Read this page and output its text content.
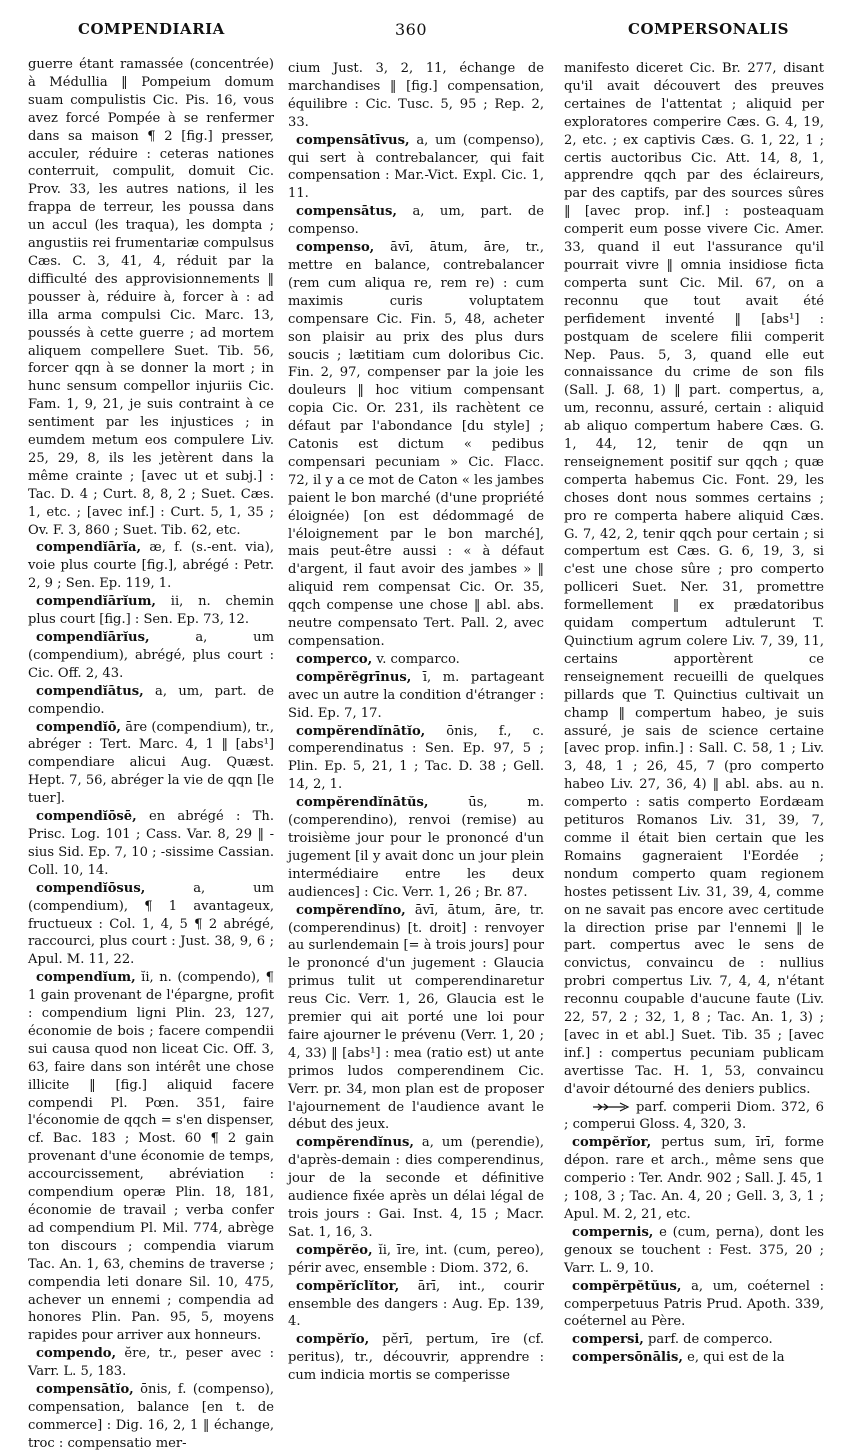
COMPENDIARIA	360	COMPERSONALIS

guerre étant ramassée (concentrée) à Médullia ‖ Pompeium domum suam compulistis Cic. Pis. 16, vous avez forcé Pompée à se renfermer dans sa maison ¶ 2 [fig.] presser, acculer, réduire : ceteras nationes conterruit, compulit, domuit Cic. Prov. 33, les autres nations, il les frappa de terreur, les poussa dans un accul (les traqua), les dompta ; angustiis rei frumentariæ compulsus Cæs. C. 3, 41, 4, réduit par la difficulté des approvisionnements ‖ pousser à, réduire à, forcer à : ad illa arma compulsi Cic. Marc. 13, poussés à cette guerre ; ad mortem aliquem compellere Suet. Tib. 56, forcer qqn à se donner la mort ; in hunc sensum compellor injuriis Cic. Fam. 1, 9, 21, je suis contraint à ce sentiment par les injustices ; in eumdem metum eos compulere Liv. 25, 29, 8, ils les jetèrent dans la même crainte ; [avec ut et subj.] : Tac. D. 4 ; Curt. 8, 8, 2 ; Suet. Cæs. 1, etc. ; [avec inf.] : Curt. 5, 1, 35 ; Ov. F. 3, 860 ; Suet. Tib. 62, etc.

compendĭārĭa, æ, f. (s.-ent. via), voie plus courte [fig.], abrégé : Petr. 2, 9 ; Sen. Ep. 119, 1.

compendĭārĭum, ii, n. chemin plus court [fig.] : Sen. Ep. 73, 12.

compendĭārĭus, a, um (compendium), abrégé, plus court : Cic. Off. 2, 43.

compendĭātus, a, um, part. de compendio.

compendĭō, āre (compendium), tr., abréger : Tert. Marc. 4, 1 ‖ [abs¹] compendiare alicui Aug. Quæst. Hept. 7, 56, abréger la vie de qqn [le tuer].

compendĭōsē, en abrégé : Th. Prisc. Log. 101 ; Cass. Var. 8, 29 ‖ -sius Sid. Ep. 7, 10 ; -sissime Cassian. Coll. 10, 14.

compendĭōsus, a, um (compendium), ¶ 1 avantageux, fructueux : Col. 1, 4, 5 ¶ 2 abrégé, raccourci, plus court : Just. 38, 9, 6 ; Apul. M. 11, 22.

compendĭum, ĭi, n. (compendo), ¶ 1 gain provenant de l'épargne, profit : compendium ligni Plin. 23, 127, économie de bois ; facere compendii sui causa quod non liceat Cic. Off. 3, 63, faire dans son intérêt une chose illicite ‖ [fig.] aliquid facere compendi Pl. Pœn. 351, faire l'économie de qqch = s'en dispenser, cf. Bac. 183 ; Most. 60 ¶ 2 gain provenant d'une économie de temps, accourcissement, abréviation : compendium operæ Plin. 18, 181, économie de travail ; verba confer ad compendium Pl. Mil. 774, abrège ton discours ; compendia viarum Tac. An. 1, 63, chemins de traverse ; compendia leti donare Sil. 10, 475, achever un ennemi ; compendia ad honores Plin. Pan. 95, 5, moyens rapides pour arriver aux honneurs.

compendo, ĕre, tr., peser avec : Varr. L. 5, 183.

compensātĭo, ōnis, f. (compenso), compensation, balance [en t. de commerce] : Dig. 16, 2, 1 ‖ échange, troc : compensatio mer-

cium Just. 3, 2, 11, échange de marchandises ‖ [fig.] compensation, équilibre : Cic. Tusc. 5, 95 ; Rep. 2, 33.

compensātīvus, a, um (compenso), qui sert à contrebalancer, qui fait compensation : Mar.-Vict. Expl. Cic. 1, 11.

compensātus, a, um, part. de compenso.

compenso, āvī, ātum, āre, tr., mettre en balance, contrebalancer (rem cum aliqua re, rem re) : cum maximis curis voluptatem compensare Cic. Fin. 5, 48, acheter son plaisir au prix des plus durs soucis ; lætitiam cum doloribus Cic. Fin. 2, 97, compenser par la joie les douleurs ‖ hoc vitium compensant copia Cic. Or. 231, ils rachètent ce défaut par l'abondance [du style] ; Catonis est dictum « pedibus compensari pecuniam » Cic. Flacc. 72, il y a ce mot de Caton « les jambes paient le bon marché (d'une propriété éloignée) [on est dédommagé de l'éloignement par le bon marché], mais peut-être aussi : « à défaut d'argent, il faut avoir des jambes » ‖ aliquid rem compensat Cic. Or. 35, qqch compense une chose ‖ abl. abs. neutre compensato Tert. Pall. 2, avec compensation.

comperco, v. comparco.

compĕrĕgrīnus, ī, m. partageant avec un autre la condition d'étranger : Sid. Ep. 7, 17.

compĕrendĭnātĭo, ōnis, f., c. comperendinatus : Sen. Ep. 97, 5 ; Plin. Ep. 5, 21, 1 ; Tac. D. 38 ; Gell. 14, 2, 1.

compĕrendĭnātŭs, ūs, m. (comperendino), renvoi (remise) au troisième jour pour le prononcé d'un jugement [il y avait donc un jour plein intermédiaire entre les deux audiences] : Cic. Verr. 1, 26 ; Br. 87.

compĕrendĭno, āvī, ātum, āre, tr. (comperendinus) [t. droit] : renvoyer au surlendemain [= à trois jours] pour le prononcé d'un jugement : Glaucia primus tulit ut comperendinaretur reus Cic. Verr. 1, 26, Glaucia est le premier qui ait porté une loi pour faire ajourner le prévenu (Verr. 1, 20 ; 4, 33) ‖ [abs¹] : mea (ratio est) ut ante primos ludos comperendinem Cic. Verr. pr. 34, mon plan est de proposer l'ajournement de l'audience avant le début des jeux.

compĕrendĭnus, a, um (perendie), d'après-demain : dies comperendinus, jour de la seconde et définitive audience fixée après un délai légal de trois jours : Gai. Inst. 4, 15 ; Macr. Sat. 1, 16, 3.

compĕrĕo, ĭi, īre, int. (cum, pereo), périr avec, ensemble : Diom. 372, 6.

compĕrĭclĭtor, ārī, int., courir ensemble des dangers : Aug. Ep. 139, 4.

compĕrĭo, pĕrī, pertum, īre (cf. peritus), tr., découvrir, apprendre : cum indicia mortis se comperisse

manifesto diceret Cic. Br. 277, disant qu'il avait découvert des preuves certaines de l'attentat ; aliquid per exploratores comperire Cæs. G. 4, 19, 2, etc. ; ex captivis Cæs. G. 1, 22, 1 ; certis auctoribus Cic. Att. 14, 8, 1, apprendre qqch par des éclaireurs, par des captifs, par des sources sûres ‖ [avec prop. inf.] : posteaquam comperit eum posse vivere Cic. Amer. 33, quand il eut l'assurance qu'il pourrait vivre ‖ omnia insidiose ficta comperta sunt Cic. Mil. 67, on a reconnu que tout avait été perfidement inventé ‖ [abs¹] : postquam de scelere filii comperit Nep. Paus. 5, 3, quand elle eut connaissance du crime de son fils (Sall. J. 68, 1) ‖ part. compertus, a, um, reconnu, assuré, certain : aliquid ab aliquo compertum habere Cæs. G. 1, 44, 12, tenir de qqn un renseignement positif sur qqch ; quæ comperta habemus Cic. Font. 29, les choses dont nous sommes certains ; pro re comperta habere aliquid Cæs. G. 7, 42, 2, tenir qqch pour certain ; si compertum est Cæs. G. 6, 19, 3, si c'est une chose sûre ; pro comperto polliceri Suet. Ner. 31, promettre formellement ‖ ex prædatoribus quidam compertum adtulerunt T. Quinctium agrum colere Liv. 7, 39, 11, certains apportèrent ce renseignement recueilli de quelques pillards que T. Quinctius cultivait un champ ‖ compertum habeo, je suis assuré, je sais de science certaine [avec prop. infin.] : Sall. C. 58, 1 ; Liv. 3, 48, 1 ; 26, 45, 7 (pro comperto habeo Liv. 27, 36, 4) ‖ abl. abs. au n. comperto : satis comperto Eordæam petituros Romanos Liv. 31, 39, 7, comme il était bien certain que les Romains gagneraient l'Eordée ; nondum comperto quam regionem hostes petissent Liv. 31, 39, 4, comme on ne savait pas encore avec certitude la direction prise par l'ennemi ‖ le part. compertus avec le sens de convictus, convaincu de : nullius probri compertus Liv. 7, 4, 4, n'étant reconnu coupable d'aucune faute (Liv. 22, 57, 2 ; 32, 1, 8 ; Tac. An. 1, 3) ; [avec in et abl.] Suet. Tib. 35 ; [avec inf.] : compertus pecuniam publicam avertisse Tac. H. 1, 53, convaincu d'avoir détourné des deniers publics.

parf. comperii Diom. 372, 6 ; comperui Gloss. 4, 320, 3.

compĕrĭor, pertus sum, īrī, forme dépon. rare et arch., même sens que comperio : Ter. Andr. 902 ; Sall. J. 45, 1 ; 108, 3 ; Tac. An. 4, 20 ; Gell. 3, 3, 1 ; Apul. M. 2, 21, etc.

compernis, e (cum, perna), dont les genoux se touchent : Fest. 375, 20 ; Varr. L. 9, 10.

compĕrpĕtŭus, a, um, coéternel : comperpetuus Patris Prud. Apoth. 339, coéternel au Père.

compersi, parf. de comperco.

compersōnālis, e, qui est de la
